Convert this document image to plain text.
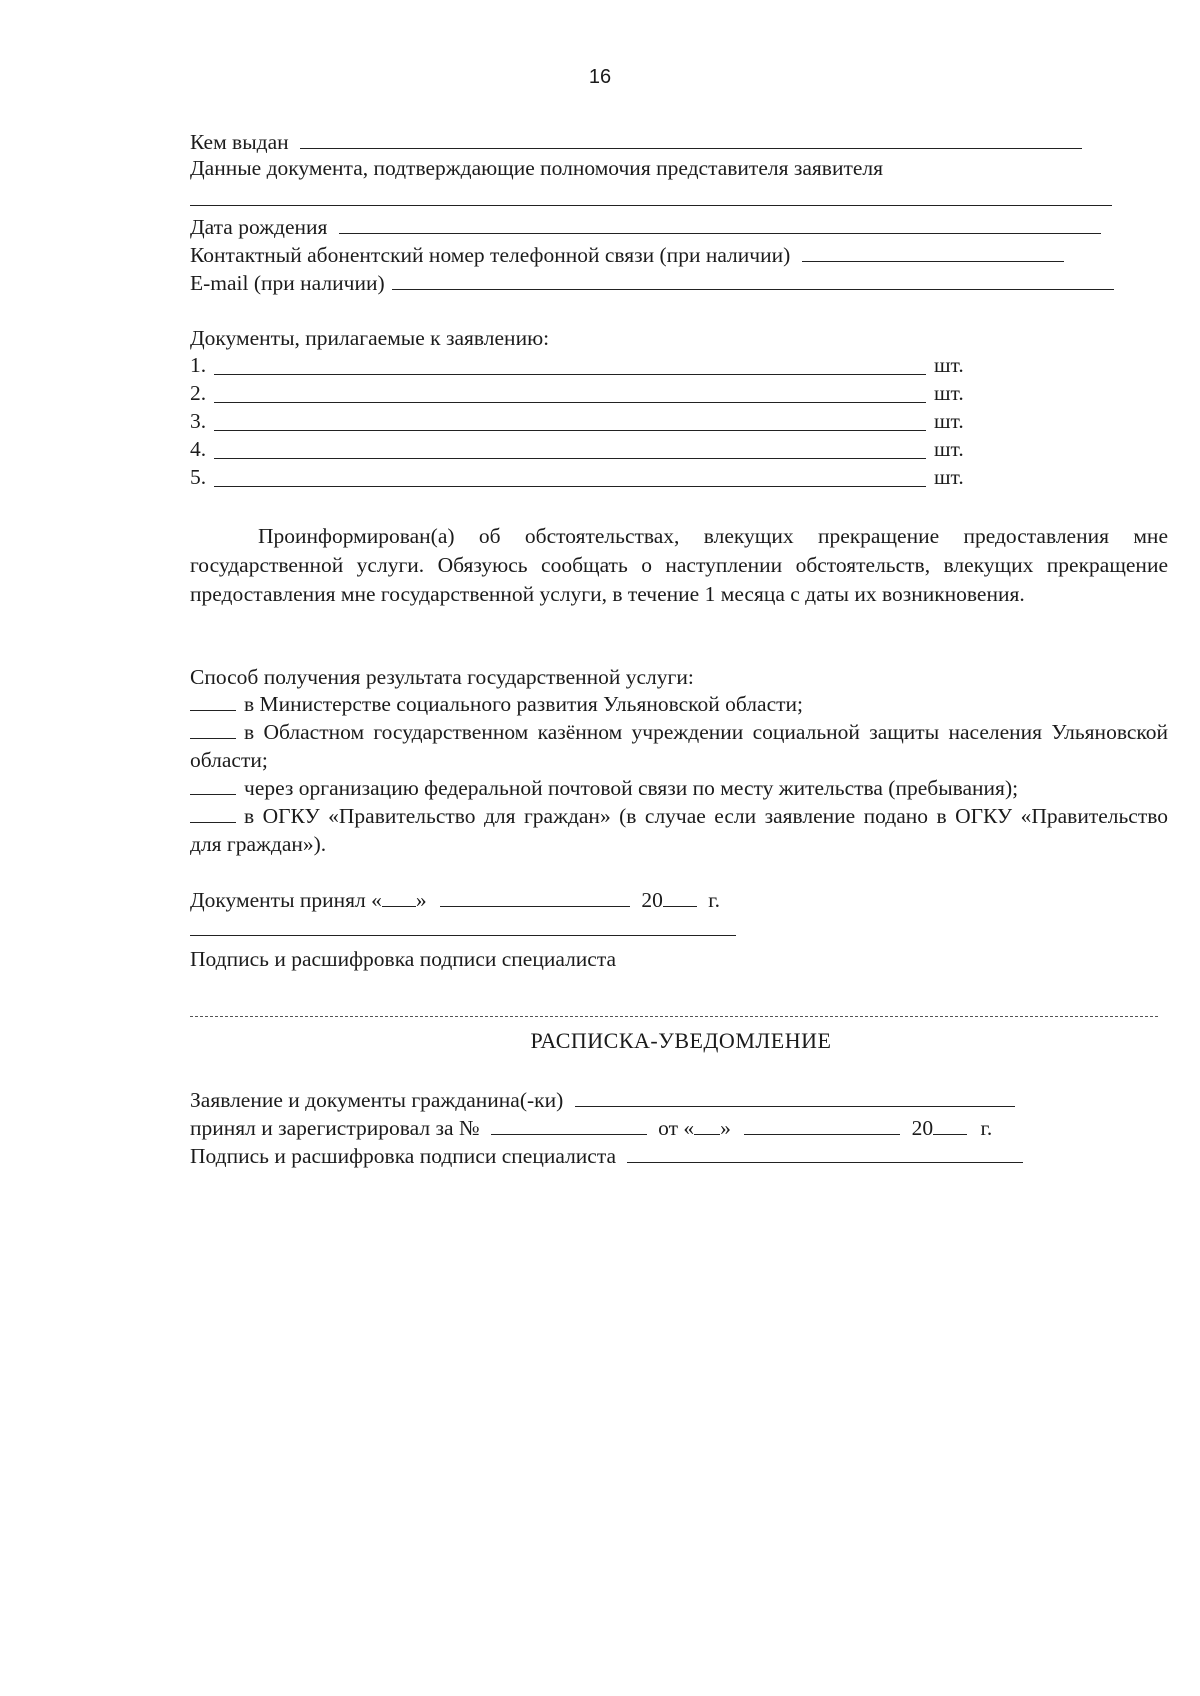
16
Кем выдан
Данные документа, подтверждающие полномочия представителя заявителя
Дата рождения
Контактный абонентский номер телефонной связи (при наличии)
E-mail (при наличии)
Документы, прилагаемые к заявлению:
1.	шт.
2.	шт.
3.	шт.
4.	шт.
5.	шт.
Проинформирован(а) об обстоятельствах, влекущих прекращение предоставления мне государственной услуги. Обязуюсь сообщать о наступлении обстоятельств, влекущих прекращение предоставления мне государственной услуги, в течение 1 месяца с даты их возникновения.
Способ получения результата государственной услуги:
в Министерстве социального развития Ульяновской области;
в Областном государственном казённом учреждении социальной защиты населения Ульяновской области;
через организацию федеральной почтовой связи по месту жительства (пребывания);
в ОГКУ «Правительство для граждан» (в случае если заявление подано в ОГКУ «Правительство для граждан»).
Документы принял « »	20 г.
Подпись и расшифровка подписи специалиста
РАСПИСКА-УВЕДОМЛЕНИЕ
Заявление и документы гражданина(-ки)
принял и зарегистрировал за №	от « »	20 г.
Подпись и расшифровка подписи специалиста
